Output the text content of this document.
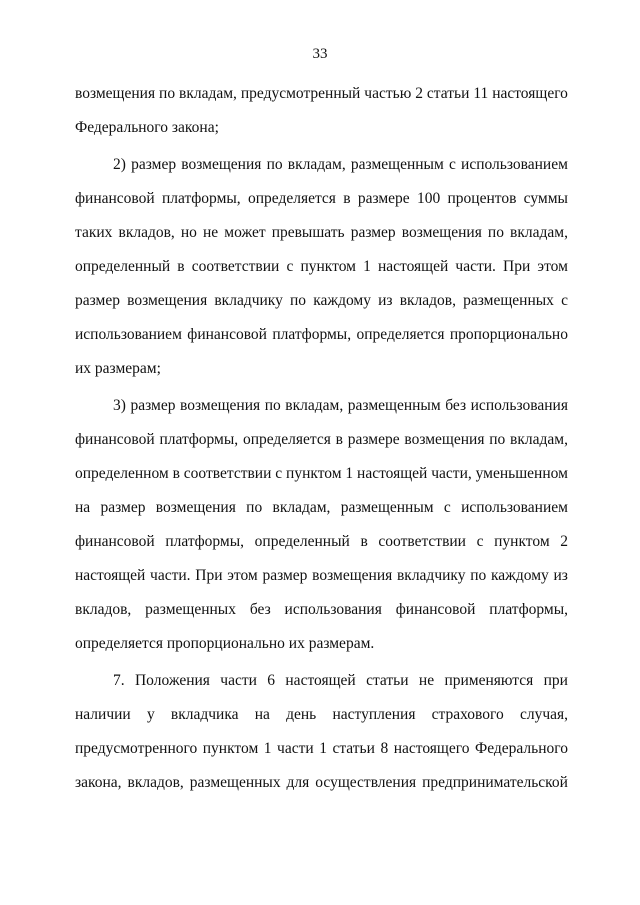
33
возмещения по вкладам, предусмотренный частью 2 статьи 11 настоящего
Федерального закона;
2) размер возмещения по вкладам, размещенным с использованием
финансовой платформы, определяется в размере 100 процентов суммы
таких вкладов, но не может превышать размер возмещения по вкладам,
определенный в соответствии с пунктом 1 настоящей части. При этом
размер возмещения вкладчику по каждому из вкладов, размещенных с
использованием финансовой платформы, определяется пропорционально
их размерам;
3) размер возмещения по вкладам, размещенным без использования
финансовой платформы, определяется в размере возмещения по вкладам,
определенном в соответствии с пунктом 1 настоящей части, уменьшенном
на размер возмещения по вкладам, размещенным с использованием
финансовой платформы, определенный в соответствии с пунктом 2
настоящей части. При этом размер возмещения вкладчику по каждому из
вкладов, размещенных без использования финансовой платформы,
определяется пропорционально их размерам.
7. Положения части 6 настоящей статьи не применяются при
наличии у вкладчика на день наступления страхового случая,
предусмотренного пунктом 1 части 1 статьи 8 настоящего Федерального
закона, вкладов, размещенных для осуществления предпринимательской
